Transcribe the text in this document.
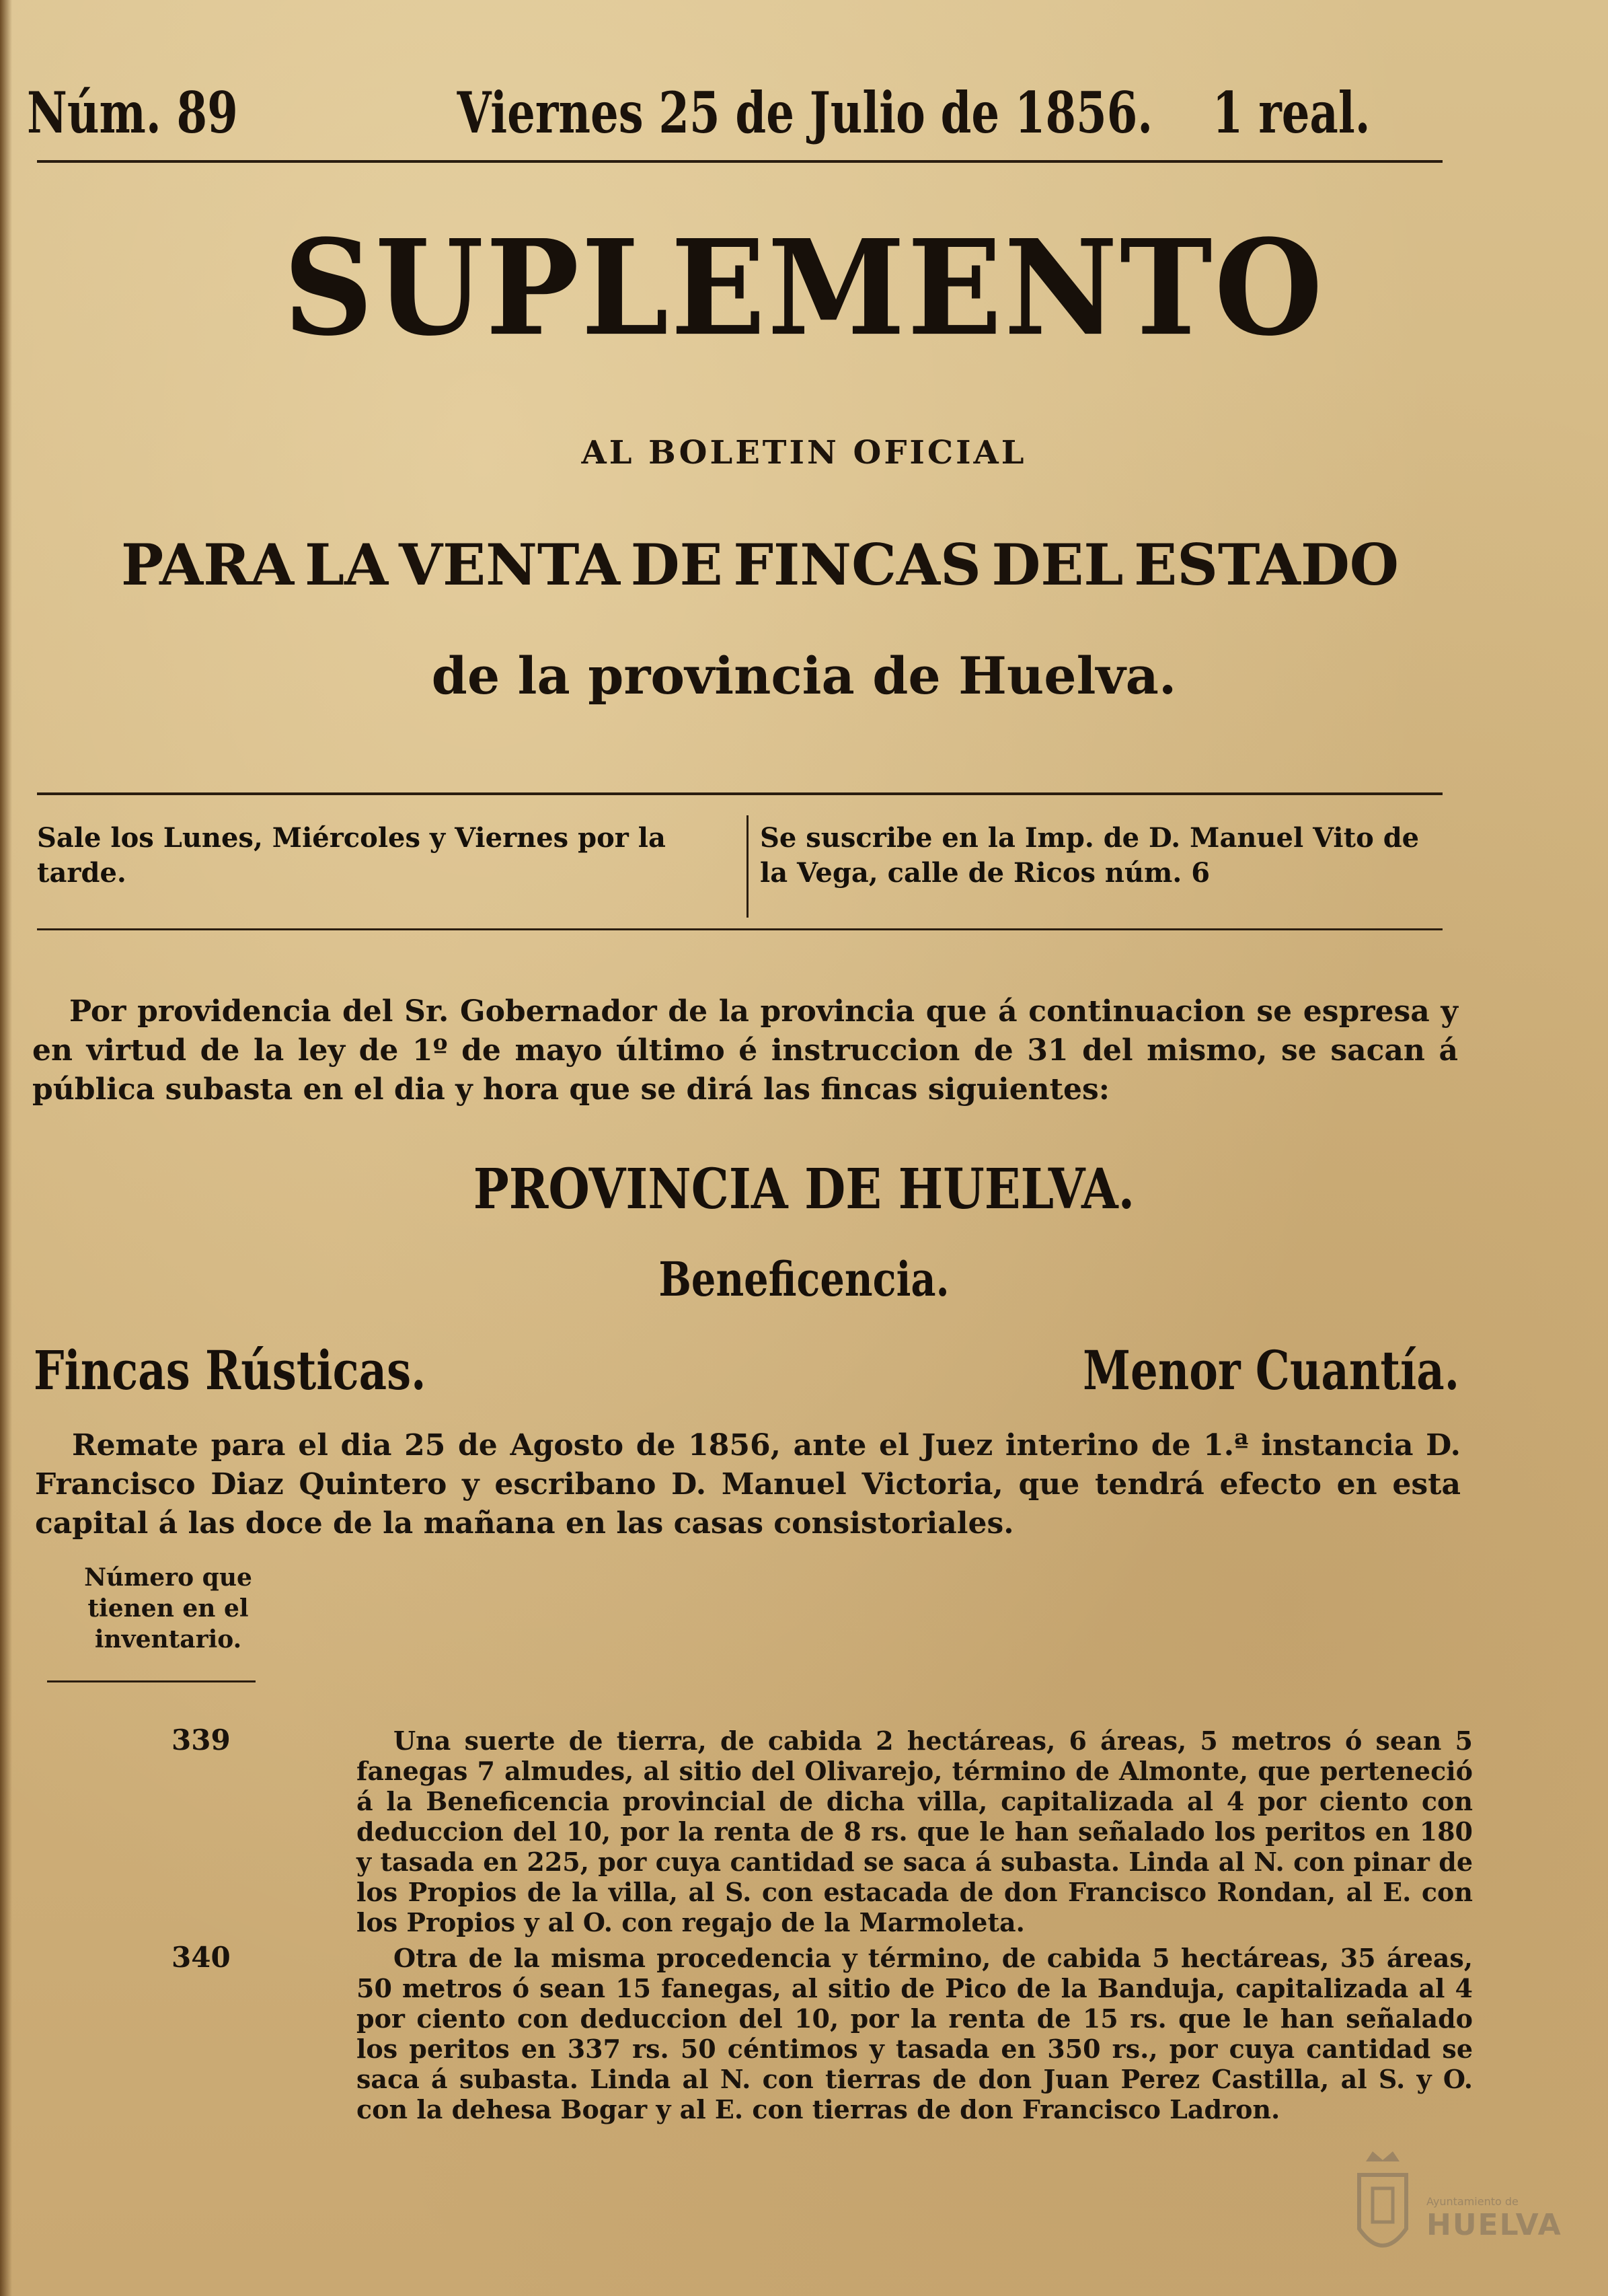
Núm. 89	Viernes 25 de Julio de 1856. 1 real.
SUPLEMENTO
AL BOLETIN OFICIAL
PARA LA VENTA DE FINCAS DEL ESTADO
de la provincia de Huelva.
Sale los Lunes, Miércoles y Viernes por la tarde.
Se suscribe en la Imp. de D. Manuel Vito de la Vega, calle de Ricos núm. 6
Por providencia del Sr. Gobernador de la provincia que á continuacion se espresa y en virtud de la ley de 1º de mayo último é instruccion de 31 del mismo, se sacan á pública subasta en el dia y hora que se dirá las fincas siguientes:
PROVINCIA DE HUELVA.
Beneficencia.
Fincas Rústicas.	Menor Cuantía.
Remate para el dia 25 de Agosto de 1856, ante el Juez interino de 1.ª instancia D. Francisco Diaz Quintero y escribano D. Manuel Victoria, que tendrá efecto en esta capital á las doce de la mañana en las casas consistoriales.
Número que tienen en el inventario.
339	Una suerte de tierra, de cabida 2 hectáreas, 6 áreas, 5 metros ó sean 5 fanegas 7 almudes, al sitio del Olivarejo, término de Almonte, que perteneció á la Beneficencia provincial de dicha villa, capitalizada al 4 por ciento con deduccion del 10, por la renta de 8 rs. que le han señalado los peritos en 180 y tasada en 225, por cuya cantidad se saca á subasta. Linda al N. con pinar de los Propios de la villa, al S. con estacada de don Francisco Rondan, al E. con los Propios y al O. con regajo de la Marmoleta.
340	Otra de la misma procedencia y término, de cabida 5 hectáreas, 35 áreas, 50 metros ó sean 15 fanegas, al sitio de Pico de la Banduja, capitalizada al 4 por ciento con deduccion del 10, por la renta de 15 rs. que le han señalado los peritos en 337 rs. 50 céntimos y tasada en 350 rs., por cuya cantidad se saca á subasta. Linda al N. con tierras de don Juan Perez Castilla, al S. y O. con la dehesa Bogar y al E. con tierras de don Francisco Ladron.
Ayuntamiento de
HUELVA
